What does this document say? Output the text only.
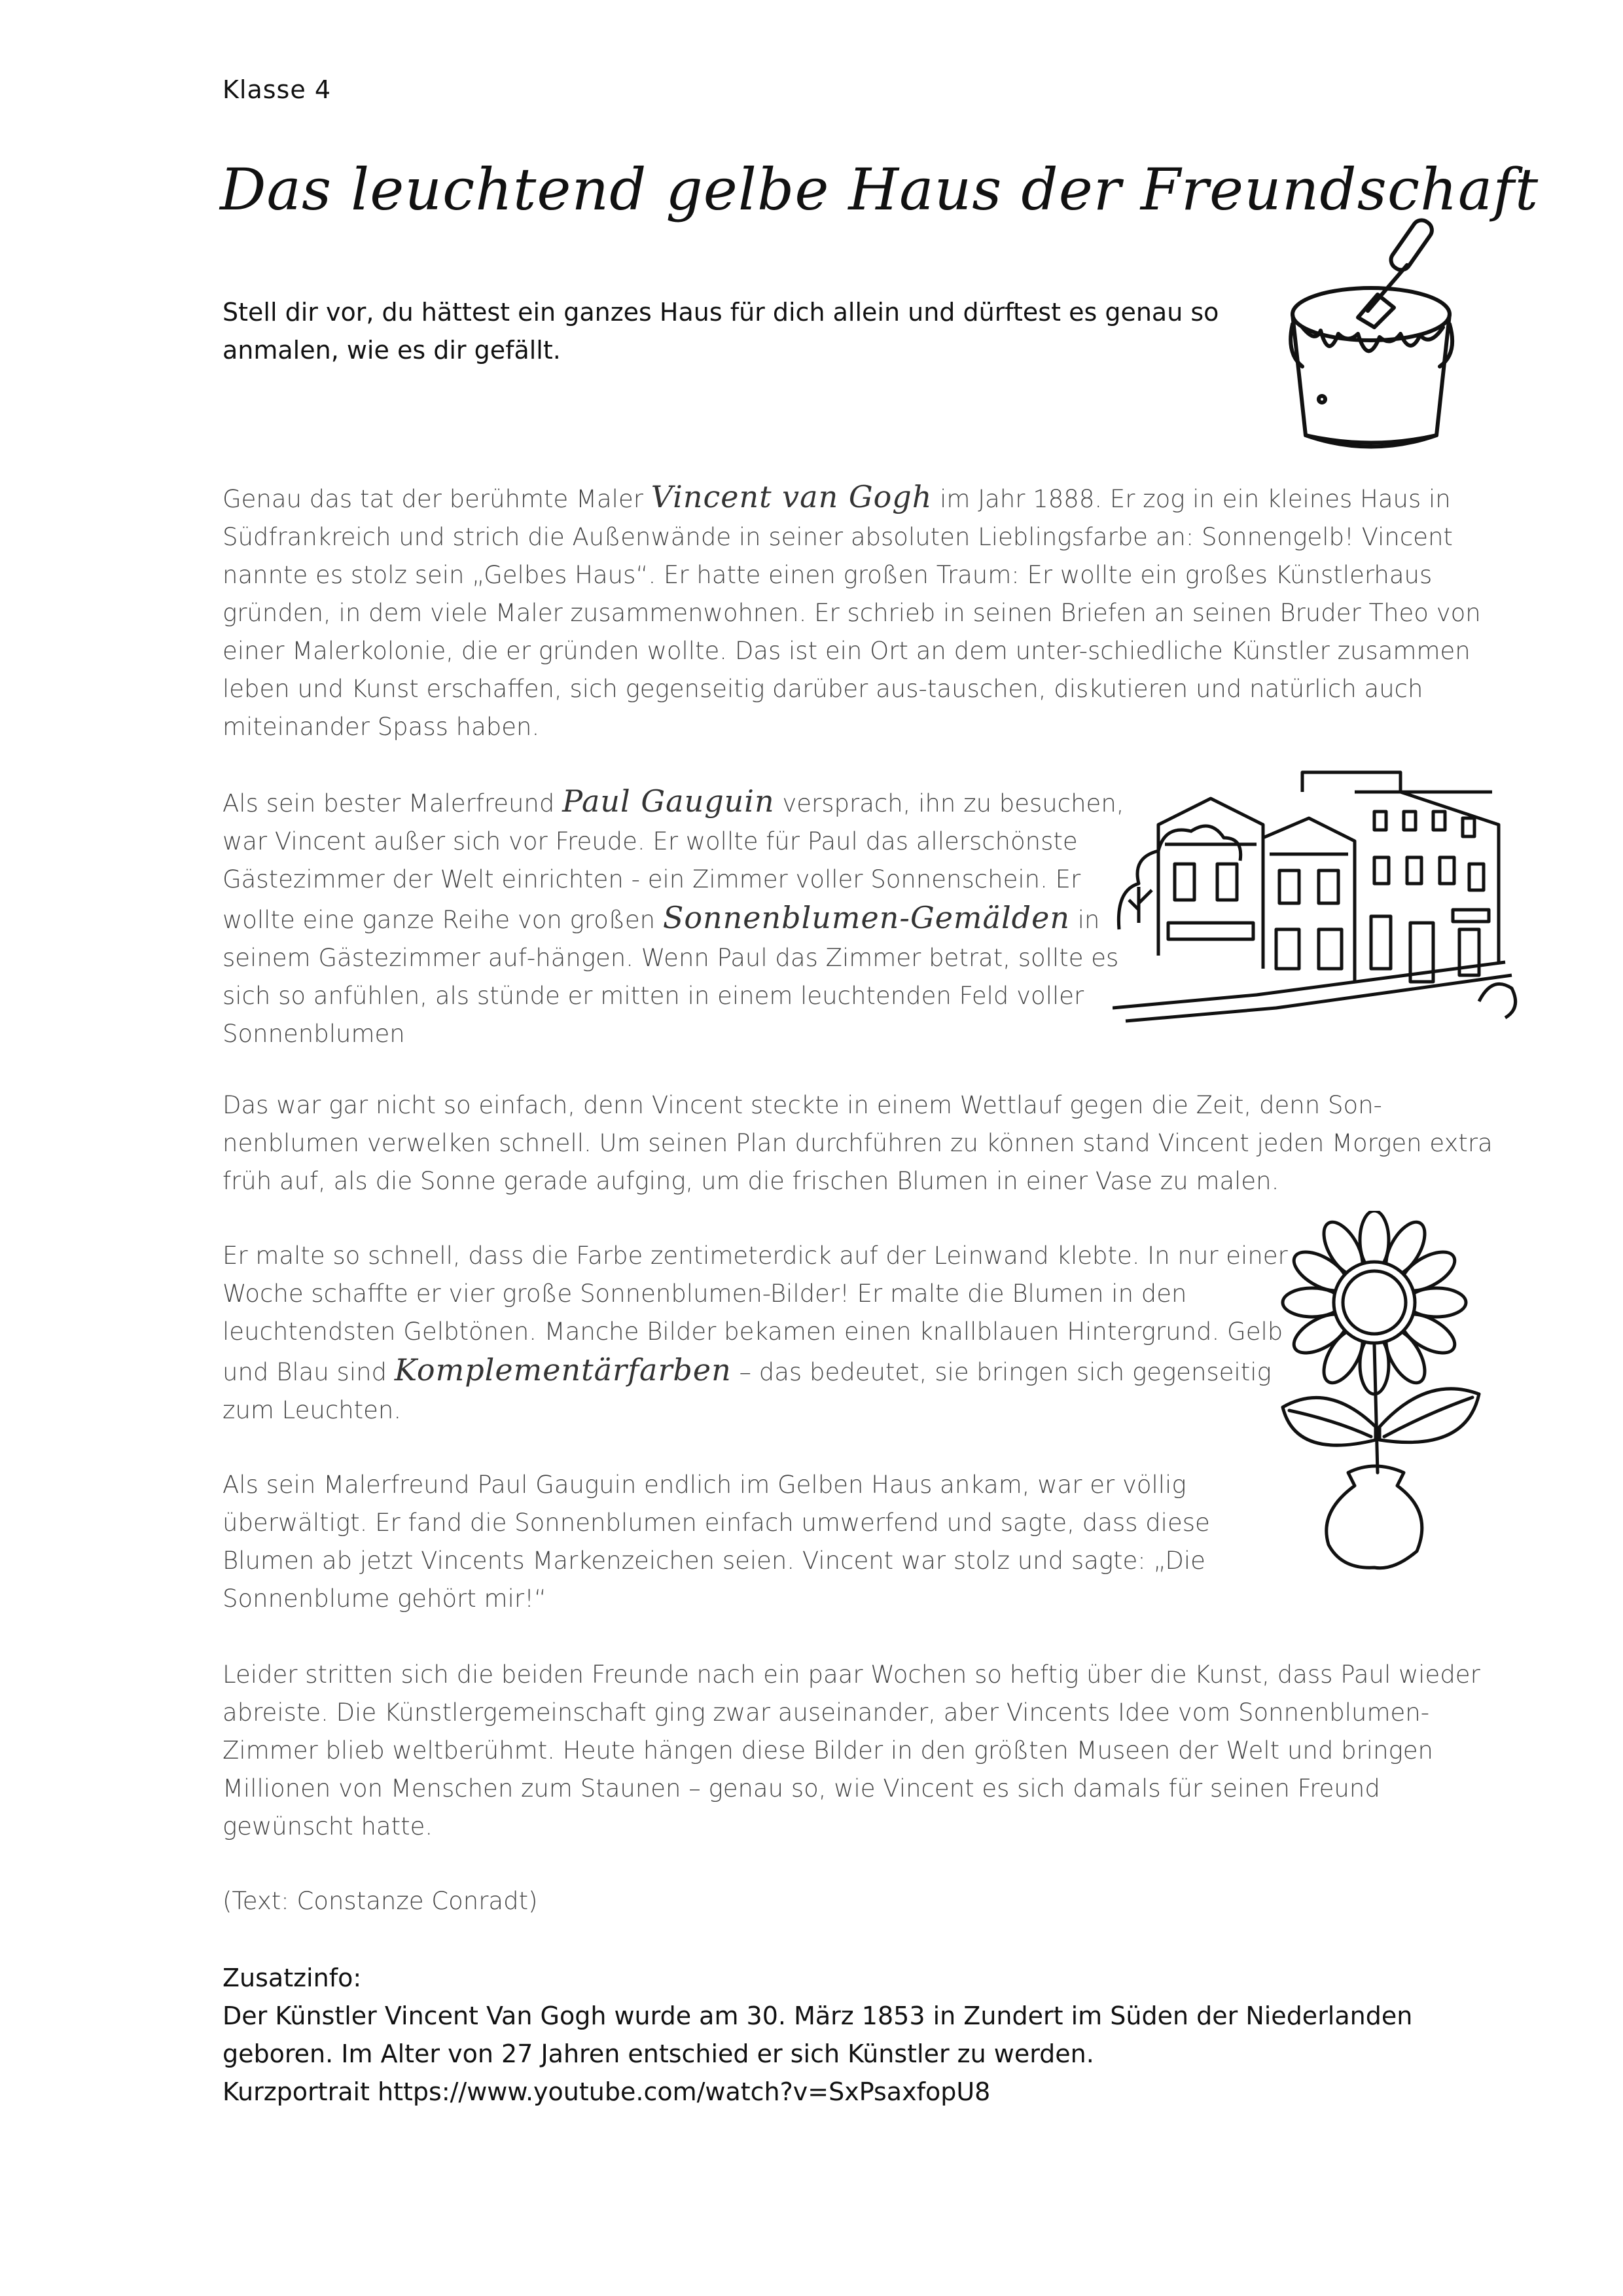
Klasse 4
Das leuchtend gelbe Haus der Freundschaft
Stell dir vor, du hättest ein ganzes Haus für dich allein und dürftest es genau so anmalen, wie es dir gefällt.

Genau das tat der berühmte Maler Vincent van Gogh im Jahr 1888. Er zog in ein kleines Haus in Südfrankreich und strich die Außenwände in seiner absoluten Lieblingsfarbe an: Sonnengelb! Vincent nannte es stolz sein „Gelbes Haus“. Er hatte einen großen Traum: Er wollte ein großes Künstlerhaus gründen, in dem viele Maler zusammenwohnen. Er schrieb in seinen Briefen an seinen Bruder Theo von einer Malerkolonie, die er gründen wollte. Das ist ein Ort an dem unter-schiedliche Künstler zusammen leben und Kunst erschaffen, sich gegenseitig darüber aus-tauschen, diskutieren und natürlich auch miteinander Spass haben.

Als sein bester Malerfreund Paul Gauguin versprach, ihn zu besuchen, war Vincent außer sich vor Freude. Er wollte für Paul das allerschönste Gästezimmer der Welt einrichten - ein Zimmer voller Sonnenschein. Er wollte eine ganze Reihe von großen Sonnenblumen-Gemälden in seinem Gästezimmer auf-hängen. Wenn Paul das Zimmer betrat, sollte es sich so anfühlen, als stünde er mitten in einem leuchtenden Feld voller Sonnenblumen

Das war gar nicht so einfach, denn Vincent steckte in einem Wettlauf gegen die Zeit, denn Son-nenblumen verwelken schnell. Um seinen Plan durchführen zu können stand Vincent jeden Morgen extra früh auf, als die Sonne gerade aufging, um die frischen Blumen in einer Vase zu malen.

Er malte so schnell, dass die Farbe zentimeterdick auf der Leinwand klebte. In nur einer Woche schaffte er vier große Sonnenblumen-Bilder! Er malte die Blumen in den leuchtendsten Gelbtönen. Manche Bilder bekamen einen knallblauen Hintergrund. Gelb und Blau sind Komplementärfarben – das bedeutet, sie bringen sich gegenseitig zum Leuchten.

Als sein Malerfreund Paul Gauguin endlich im Gelben Haus ankam, war er völlig überwältigt. Er fand die Sonnenblumen einfach umwerfend und sagte, dass diese Blumen ab jetzt Vincents Markenzeichen seien. Vincent war stolz und sagte: „Die Sonnenblume gehört mir!“
Leider stritten sich die beiden Freunde nach ein paar Wochen so heftig über die Kunst, dass Paul wieder abreiste. Die Künstlergemeinschaft ging zwar auseinander, aber Vincents Idee vom Sonnenblumen-Zimmer blieb weltberühmt. Heute hängen diese Bilder in den größten Museen der Welt und bringen Millionen von Menschen zum Staunen – genau so, wie Vincent es sich damals für seinen Freund gewünscht hatte.
(Text: Constanze Conradt)
Zusatzinfo:
Der Künstler Vincent Van Gogh wurde am 30. März 1853 in Zundert im Süden der Niederlanden
geboren. Im Alter von 27 Jahren entschied er sich Künstler zu werden.
Kurzportrait https://www.youtube.com/watch?v=SxPsaxfopU8
